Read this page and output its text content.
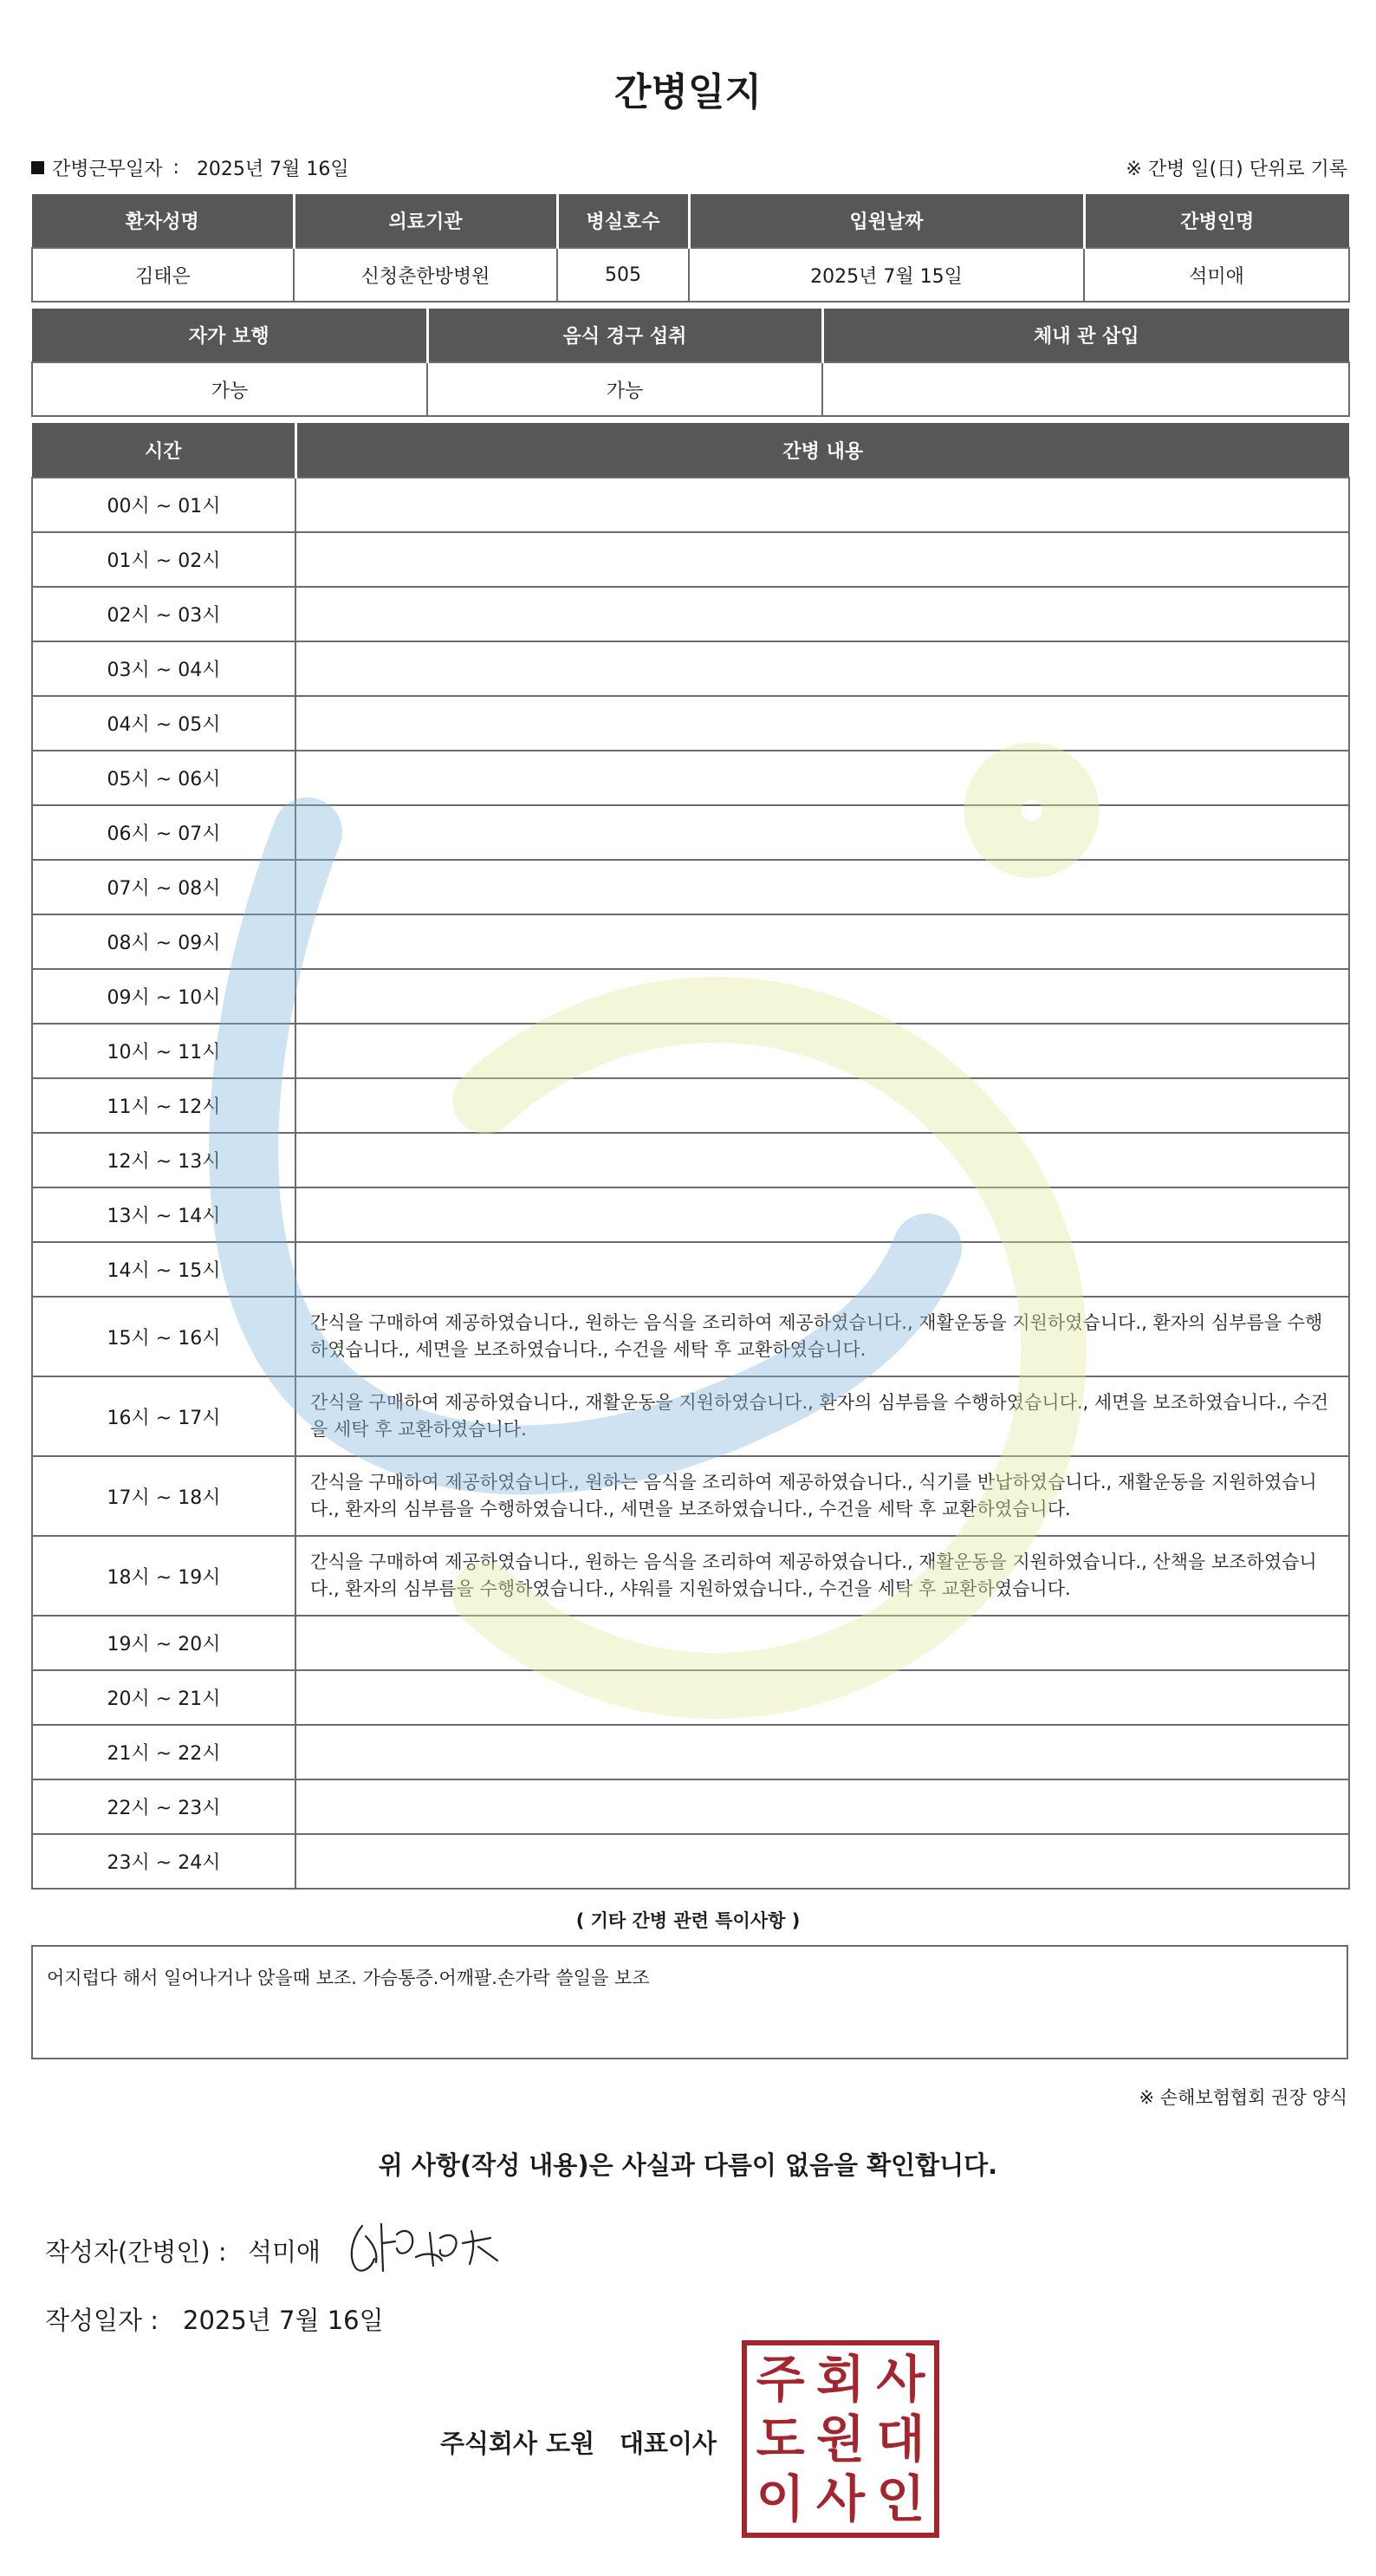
간병일지
간병근무일자 : 2025년 7월 16일	※ 간병 일(日) 단위로 기록
환자성명	의료기관	병실호수	입원날짜	간병인명
김태은	신청춘한방병원	505	2025년 7월 15일	석미애
자가 보행	음식 경구 섭취	체내 관 삽입
가능	가능	
시간	간병 내용
00시 ~ 01시	
01시 ~ 02시	
02시 ~ 03시	
03시 ~ 04시	
04시 ~ 05시	
05시 ~ 06시	
06시 ~ 07시	
07시 ~ 08시	
08시 ~ 09시	
09시 ~ 10시	
10시 ~ 11시	
11시 ~ 12시	
12시 ~ 13시	
13시 ~ 14시	
14시 ~ 15시	
15시 ~ 16시	간식을 구매하여 제공하였습니다., 원하는 음식을 조리하여 제공하였습니다., 재활운동을 지원하였습니다., 환자의 심부름을 수행하였습니다., 세면을 보조하였습니다., 수건을 세탁 후 교환하였습니다.
16시 ~ 17시	간식을 구매하여 제공하였습니다., 재활운동을 지원하였습니다., 환자의 심부름을 수행하였습니다., 세면을 보조하였습니다., 수건을 세탁 후 교환하였습니다.
17시 ~ 18시	간식을 구매하여 제공하였습니다., 원하는 음식을 조리하여 제공하였습니다., 식기를 반납하였습니다., 재활운동을 지원하였습니다., 환자의 심부름을 수행하였습니다., 세면을 보조하였습니다., 수건을 세탁 후 교환하였습니다.
18시 ~ 19시	간식을 구매하여 제공하였습니다., 원하는 음식을 조리하여 제공하였습니다., 재활운동을 지원하였습니다., 산책을 보조하였습니다., 환자의 심부름을 수행하였습니다., 샤워를 지원하였습니다., 수건을 세탁 후 교환하였습니다.
19시 ~ 20시	
20시 ~ 21시	
21시 ~ 22시	
22시 ~ 23시	
23시 ~ 24시	
( 기타 간병 관련 특이사항 )
어지럽다 해서 일어나거나 앉을때 보조. 가슴통증.어깨팔.손가락 쓸일을 보조
※ 손해보험협회 권장 양식
위 사항(작성 내용)은 사실과 다름이 없음을 확인합니다.
작성자(간병인) : 석미애
작성일자 : 2025년 7월 16일
주식회사 도원 대표이사
주 회 사
도 원 대
이 사 인
